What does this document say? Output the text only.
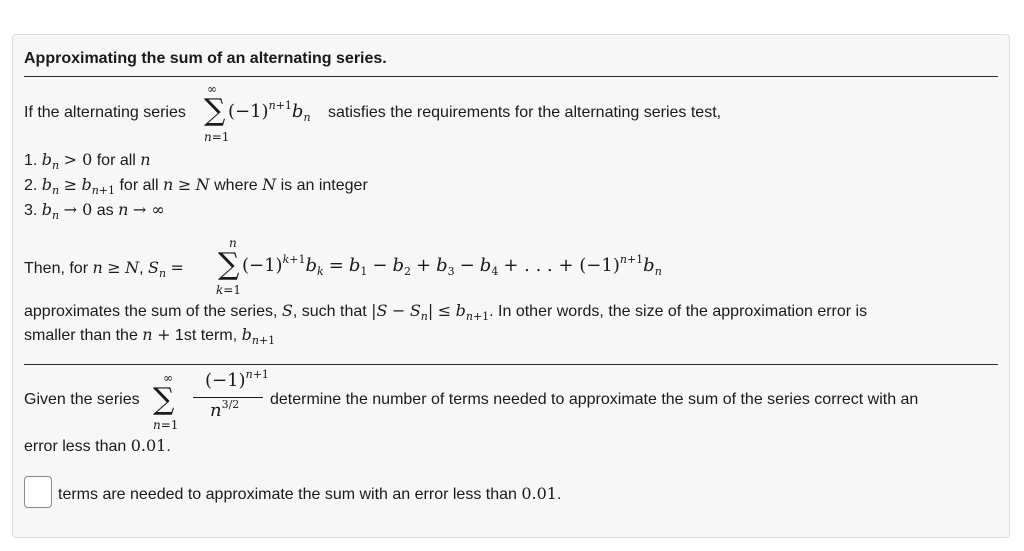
Approximating the sum of an alternating series.
If the alternating series
∞
∑
n=1
$(-1)^{n+1}b_n$ satisfies the requirements for the alternating series test,
1. $b_n > 0$ for all n
2. $b_n \ge b_{n+1}$ for all n ≥ N where N is an integer
3. $b_n \to 0$ as n → ∞
Then, for n ≥ N, $S_n$ =
n
∑
k=1
$(-1)^{k+1}b_k = b_1 - b_2 + b_3 - b_4$ + . . . + $(-1)^{n+1}b_n$
approximates the sum of the series, S, such that $|S - S_n| \le b_{n+1}$. In other words, the size of the approximation error is
smaller than the n + 1st term, $b_{n+1}$
Given the series
∞
∑
n=1
$(-1)^{n+1}$
$n^{3/2}$ determine the number of terms needed to approximate the sum of the series correct with an
error less than 0.01.
terms are needed to approximate the sum with an error less than 0.01.
